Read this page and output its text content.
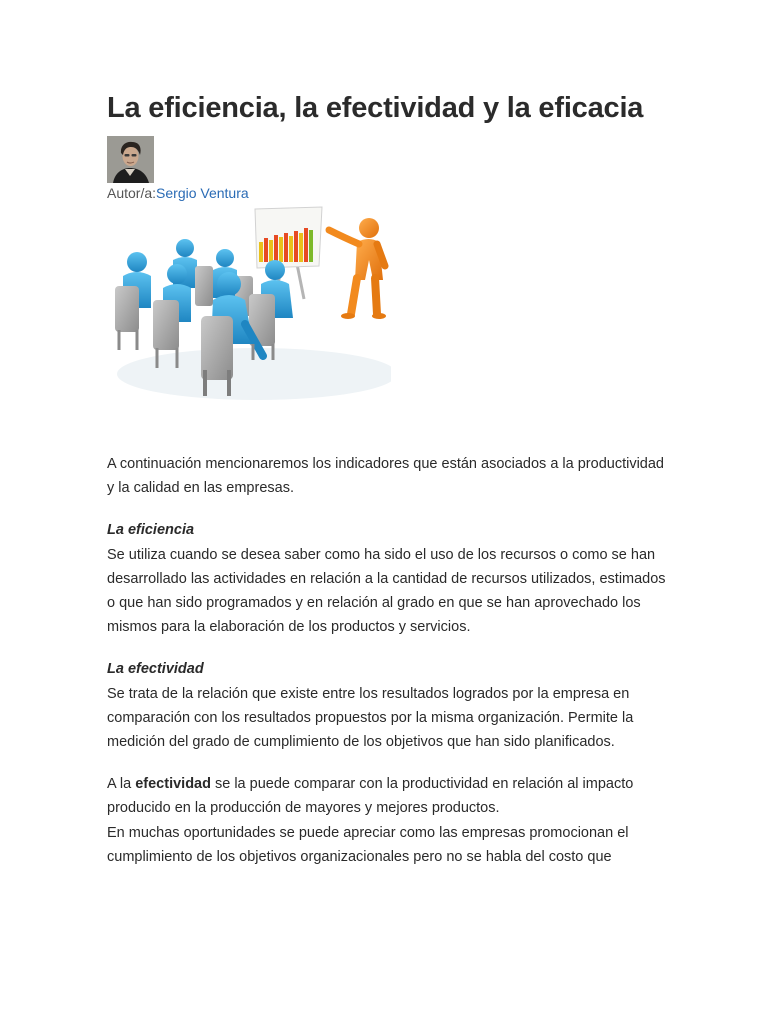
La eficiencia, la efectividad y la eficacia
Autor/a:Sergio Ventura

A continuación mencionaremos los indicadores que están asociados a la productividad y la calidad en las empresas.

La eficiencia
Se utiliza cuando se desea saber como ha sido el uso de los recursos o como se han desarrollado las actividades en relación a la cantidad de recursos utilizados, estimados o que han sido programados y en relación al grado en que se han aprovechado los mismos para la elaboración de los productos y servicios.

La efectividad
Se trata de la relación que existe entre los resultados logrados por la empresa en comparación con los resultados propuestos por la misma organización. Permite la medición del grado de cumplimiento de los objetivos que han sido planificados.

A la efectividad se la puede comparar con la productividad en relación al impacto producido en la producción de mayores y mejores productos.

En muchas oportunidades se puede apreciar como las empresas promocionan el cumplimiento de los objetivos organizacionales pero no se habla del costo que
